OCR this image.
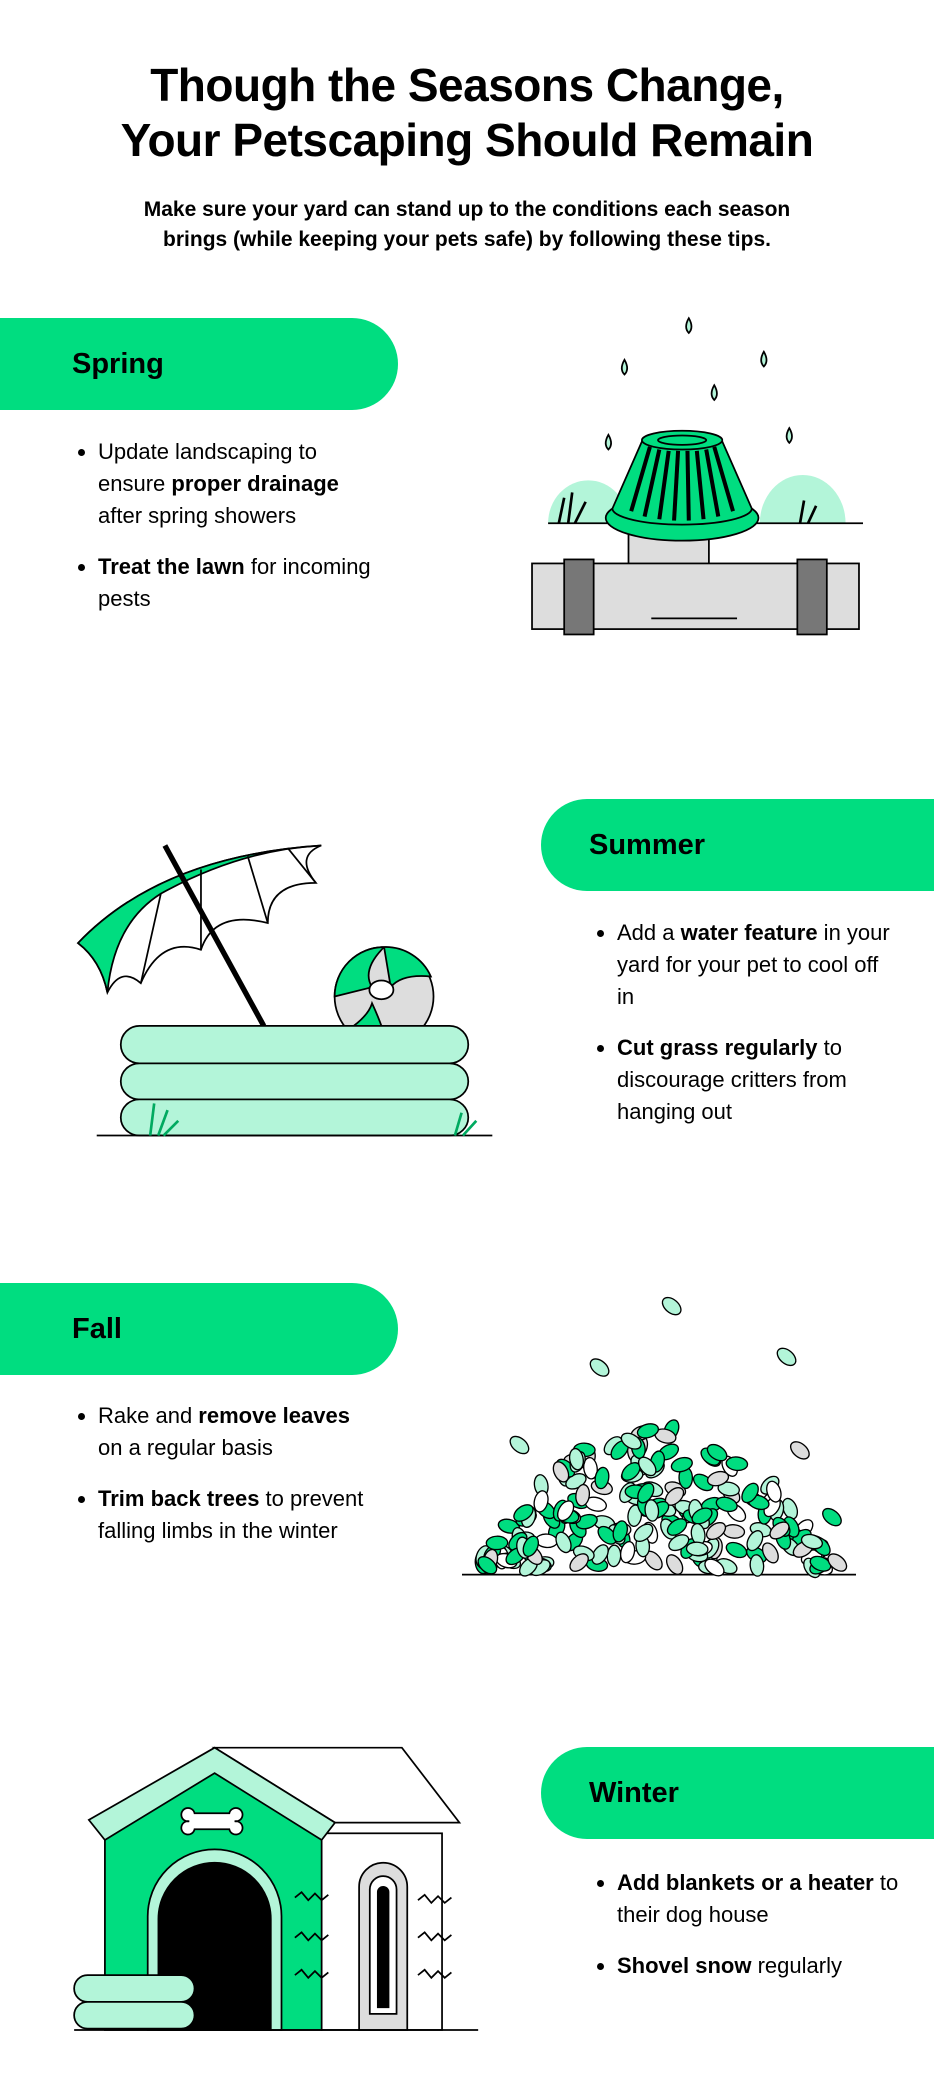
Though the Seasons Change,
Your Petscaping Should Remain
Make sure your yard can stand up to the conditions each season
brings (while keeping your pets safe) by following these tips.
Spring
Update landscaping to ensure proper drainage after spring showers
Treat the lawn for incoming pests
Summer
Add a water feature in your yard for your pet to cool off in
Cut grass regularly to discourage critters from hanging out
Fall
Rake and remove leaves on a regular basis
Trim back trees to prevent falling limbs in the winter
Winter
Add blankets or a heater to their dog house
Shovel snow regularly
